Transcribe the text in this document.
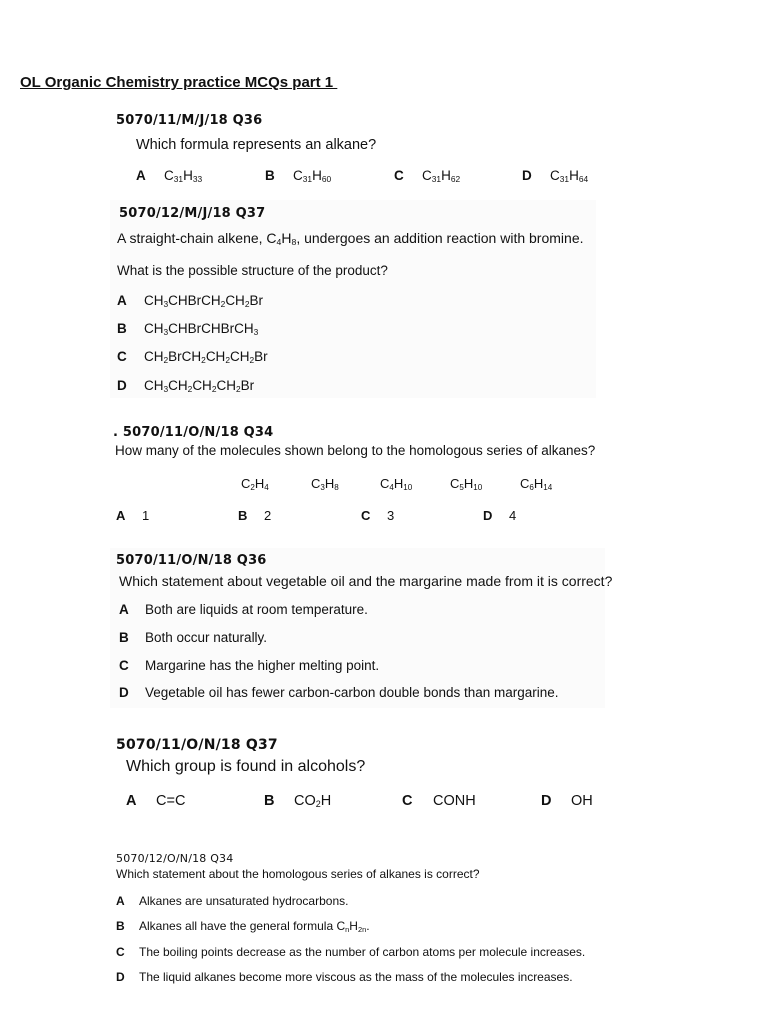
OL Organic Chemistry practice MCQs part 1
5070/11/M/J/18 Q36
Which formula represents an alkane?
A $C_{31}H_{33}$	B $C_{31}H_{60}$	C $C_{31}H_{62}$	D $C_{31}H_{64}$
5070/12/M/J/18 Q37
A straight-chain alkene, $C_4H_8$, undergoes an addition reaction with bromine.
What is the possible structure of the product?
A $CH_3CHBrCH_2CH_2Br$
B $CH_3CHBrCHBrCH_3$
C $CH_2BrCH_2CH_2CH_2Br$
D $CH_3CH_2CH_2CH_2Br$
. 5070/11/O/N/18 Q34
How many of the molecules shown belong to the homologous series of alkanes?
$C_2H_4$	$C_3H_8$	$C_4H_{10}$	$C_5H_{10}$	$C_6H_{14}$
A 1	B 2	C 3	D 4
5070/11/O/N/18 Q36
Which statement about vegetable oil and the margarine made from it is correct?
A Both are liquids at room temperature.
B Both occur naturally.
C Margarine has the higher melting point.
D Vegetable oil has fewer carbon-carbon double bonds than margarine.
5070/11/O/N/18 Q37
Which group is found in alcohols?
A C=C	B $CO_2H$	C CONH	D OH
5070/12/O/N/18 Q34
Which statement about the homologous series of alkanes is correct?
A Alkanes are unsaturated hydrocarbons.
B Alkanes all have the general formula $C_nH_{2n}$.
C The boiling points decrease as the number of carbon atoms per molecule increases.
D The liquid alkanes become more viscous as the mass of the molecules increases.
